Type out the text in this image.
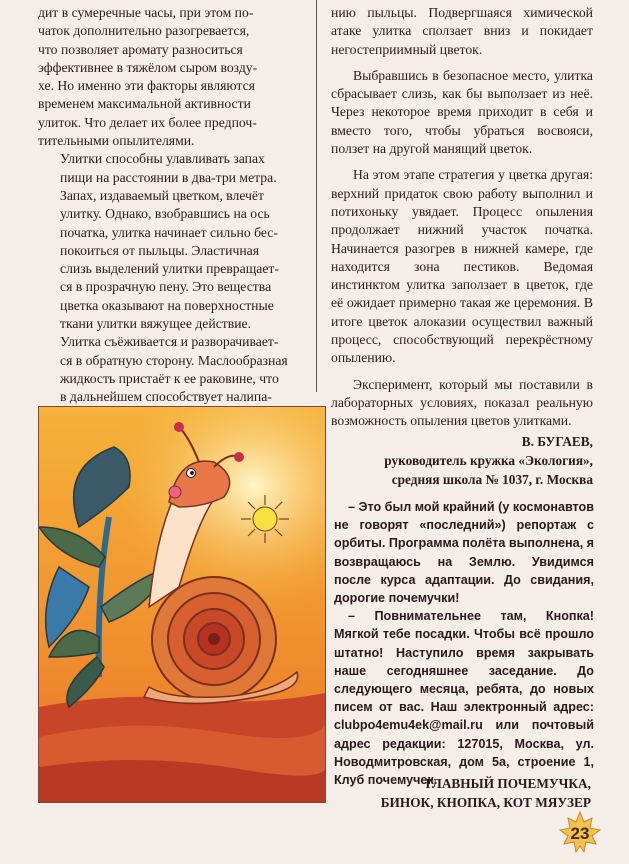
дит в сумеречные часы, при этом по-
чаток дополнительно разогревается,
что позволяет аромату разноситься
эффективнее в тяжёлом сыром возду-
хе. Но именно эти факторы являются
временем максимальной активности
улиток. Что делает их более предпоч-
тительными опылителями.

Улитки способны улавливать запах
пищи на расстоянии в два-три метра.
Запах, издаваемый цветком, влечёт
улитку. Однако, взобравшись на ось
початка, улитка начинает сильно бес-
покоиться от пыльцы. Эластичная
слизь выделений улитки превращает-
ся в прозрачную пену. Это вещества
цветка оказывают на поверхностные
ткани улитки вяжущее действие.
Улитка съёживается и разворачивает-
ся в обратную сторону. Маслообразная
жидкость пристаёт к ее раковине, что
в дальнейшем способствует налипа-

нию пыльцы. Подвергшаяся химической атаке улитка сползает вниз и покидает негостеприимный цветок.

Выбравшись в безопасное место, улитка сбрасывает слизь, как бы выползает из неё. Через некоторое время приходит в себя и вместо того, чтобы убраться восвояси, ползет на другой манящий цветок.

На этом этапе стратегия у цветка другая: верхний придаток свою работу выполнил и потихоньку увядает. Процесс опыления продолжает нижний участок початка. Начинается разогрев в нижней камере, где находится зона пестиков. Ведомая инстинктом улитка заползает в цветок, где её ожидает примерно такая же церемония. В итоге цветок алоказии осуществил важный процесс, способствующий перекрёстному опылению.

Эксперимент, который мы поставили в лабораторных условиях, показал реальную возможность опыления цветов улитками.

В. БУГАЕВ,
руководитель кружка «Экология»,
средняя школа № 1037, г. Москва

– Это был мой крайний (у космонавтов не говорят «последний») репортаж с орбиты. Программа полёта выполнена, я возвращаюсь на Землю. Увидимся после курса адаптации. До свидания, дорогие почемучки!

– Повнимательнее там, Кнопка! Мягкой тебе посадки. Чтобы всё прошло штатно! Наступило время закрывать наше сегодняшнее заседание. До следующего месяца, ребята, до новых писем от вас. Наш электронный адрес: clubpo4emu4ek@mail.ru или почтовый адрес редакции: 127015, Москва, ул. Новодмитровская, дом 5а, строение 1, Клуб почемучек.

ГЛАВНЫЙ ПОЧЕМУЧКА,
БИНОК, КНОПКА, КОТ МЯУЗЕР
23
